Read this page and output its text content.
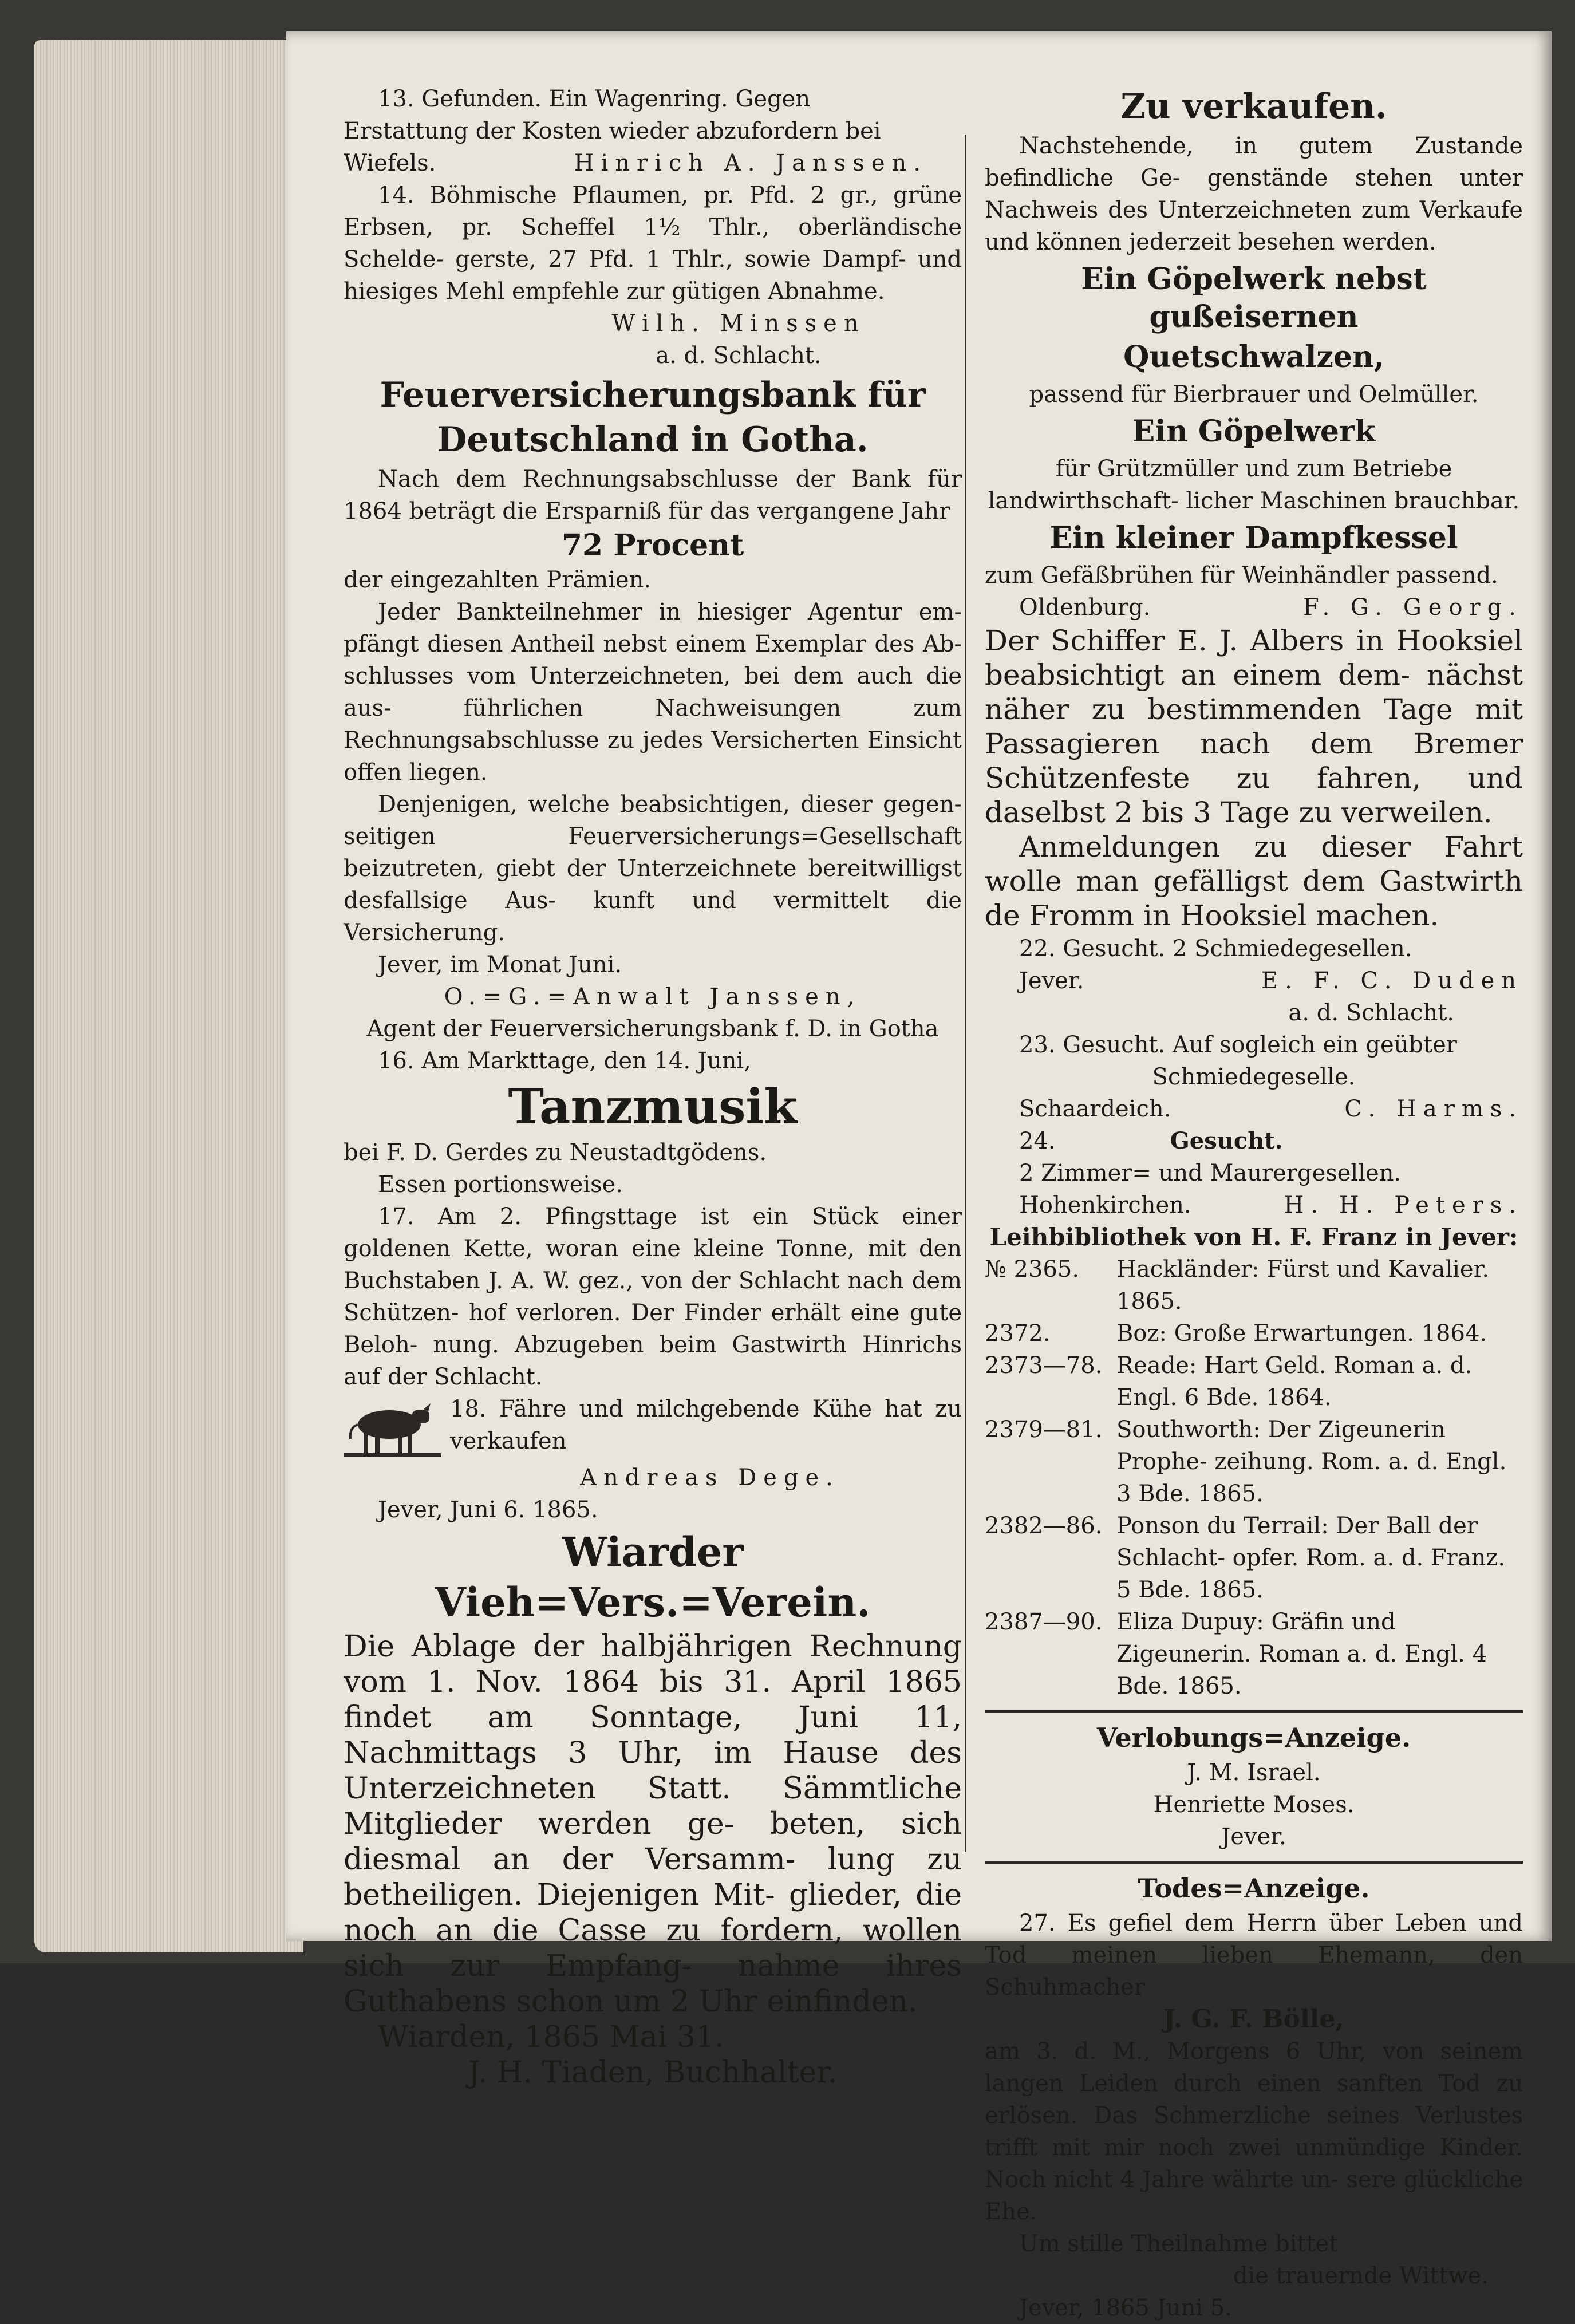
13. Gefunden. Ein Wagenring. Gegen

Erstattung der Kosten wieder abzufordern bei

Wiefels.	Hinrich A. Janssen.

14. Böhmische Pflaumen, pr. Pfd. 2 gr., grüne Erbsen, pr. Scheffel 1½ Thlr., oberländische Schelde- gerste, 27 Pfd. 1 Thlr., sowie Dampf- und hiesiges Mehl empfehle zur gütigen Abnahme.

Wilh. Minssen

a. d. Schlacht.

Feuerversicherungsbank für
Deutschland in Gotha.

Nach dem Rechnungsabschlusse der Bank für 1864 beträgt die Ersparniß für das vergangene Jahr

72 Procent

der eingezahlten Prämien.

Jeder Bankteilnehmer in hiesiger Agentur em- pfängt diesen Antheil nebst einem Exemplar des Ab- schlusses vom Unterzeichneten, bei dem auch die aus- führlichen Nachweisungen zum Rechnungsabschlusse zu jedes Versicherten Einsicht offen liegen.

Denjenigen, welche beabsichtigen, dieser gegen- seitigen Feuerversicherungs=Gesellschaft beizutreten, giebt der Unterzeichnete bereitwilligst desfallsige Aus- kunft und vermittelt die Versicherung.

Jever, im Monat Juni.

O.=G.=Anwalt Janssen,

Agent der Feuerversicherungsbank f. D. in Gotha

16. Am Markttage, den 14. Juni,

Tanzmusik

bei F. D. Gerdes zu Neustadtgödens.

Essen portionsweise.

17. Am 2. Pfingsttage ist ein Stück einer goldenen Kette, woran eine kleine Tonne, mit den Buchstaben J. A. W. gez., von der Schlacht nach dem Schützen- hof verloren. Der Finder erhält eine gute Beloh- nung. Abzugeben beim Gastwirth Hinrichs auf der Schlacht.

18. Fähre und milchgebende Kühe hat zu verkaufen

Andreas Dege.

Jever, Juni 6. 1865.

Wiarder
Vieh=Vers.=Verein.

Die Ablage der halbjährigen Rechnung vom 1. Nov. 1864 bis 31. April 1865 findet am Sonntage, Juni 11, Nachmittags 3 Uhr, im Hause des Unterzeichneten Statt. Sämmtliche Mitglieder werden ge- beten, sich diesmal an der Versamm- lung zu betheiligen. Diejenigen Mit- glieder, die noch an die Casse zu fordern, wollen sich zur Empfang- nahme ihres Guthabens schon um 2 Uhr einfinden.

Wiarden, 1865 Mai 31.

J. H. Tiaden, Buchhalter.

Zu verkaufen.

Nachstehende, in gutem Zustande befindliche Ge- genstände stehen unter Nachweis des Unterzeichneten zum Verkaufe und können jederzeit besehen werden.

Ein Göpelwerk nebst gußeisernen
Quetschwalzen,

passend für Bierbrauer und Oelmüller.

Ein Göpelwerk

für Grützmüller und zum Betriebe landwirthschaft- licher Maschinen brauchbar.

Ein kleiner Dampfkessel

zum Gefäßbrühen für Weinhändler passend.

Oldenburg.	F. G. Georg.

Der Schiffer E. J. Albers in Hooksiel beabsichtigt an einem dem- nächst näher zu bestimmenden Tage mit Passagieren nach dem Bremer Schützenfeste zu fahren, und daselbst 2 bis 3 Tage zu verweilen.

Anmeldungen zu dieser Fahrt wolle man gefälligst dem Gastwirth de Fromm in Hooksiel machen.

22. Gesucht. 2 Schmiedegesellen.

Jever.	E. F. C. Duden

a. d. Schlacht.

23. Gesucht. Auf sogleich ein geübter

Schmiedegeselle.

Schaardeich.	C. Harms.

24.	Gesucht.

2 Zimmer= und Maurergesellen.

Hohenkirchen.	H. H. Peters.

Leihbibliothek von H. F. Franz in Jever:

№ 2365.	Hackländer: Fürst und Kavalier. 1865.
2372.	Boz: Große Erwartungen. 1864.
2373—78. Reade: Hart Geld. Roman a. d. Engl. 6 Bde. 1864.
2379—81. Southworth: Der Zigeunerin Prophe- zeihung. Rom. a. d. Engl. 3 Bde. 1865.
2382—86. Ponson du Terrail: Der Ball der Schlacht- opfer. Rom. a. d. Franz. 5 Bde. 1865.
2387—90. Eliza Dupuy: Gräfin und Zigeunerin. Roman a. d. Engl. 4 Bde. 1865.
Verlobungs=Anzeige.

J. M. Israel.

Henriette Moses.

Jever.

Todes=Anzeige.

27. Es gefiel dem Herrn über Leben und Tod meinen lieben Ehemann, den Schuhmacher

J. G. F. Bölle,

am 3. d. M., Morgens 6 Uhr, von seinem langen Leiden durch einen sanften Tod zu erlösen. Das Schmerzliche seines Verlustes trifft mit mir noch zwei unmündige Kinder. Noch nicht 4 Jahre währte un- sere glückliche Ehe.

Um stille Theilnahme bittet

die trauernde Wittwe.

Jever, 1865 Juni 5.
